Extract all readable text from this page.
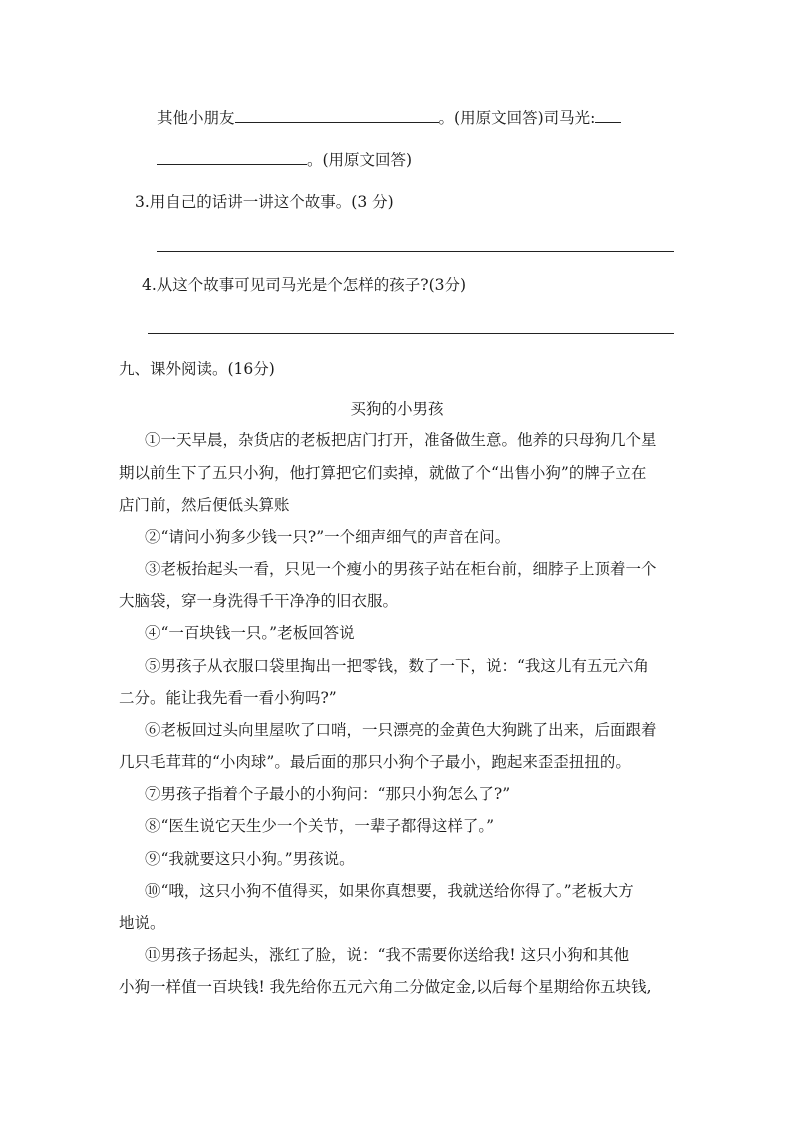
其他小朋友	。(用原文回答)司马光:
。(用原文回答)
3.用自己的话讲一讲这个故事。(3 分)
4.从这个故事可见司马光是个怎样的孩子?(3分)
九、课外阅读。(16分)
买狗的小男孩
①一天早晨，杂货店的老板把店门打开，准备做生意。他养的只母狗几个星
期以前生下了五只小狗，他打算把它们卖掉，就做了个“出售小狗”的牌子立在
店门前，然后便低头算账
②“请问小狗多少钱一只?”一个细声细气的声音在问。
③老板抬起头一看，只见一个瘦小的男孩子站在柜台前，细脖子上顶着一个
大脑袋，穿一身洗得千干净净的旧衣服。
④“一百块钱一只。”老板回答说
⑤男孩子从衣服口袋里掏出一把零钱，数了一下，说：“我这儿有五元六角
二分。能让我先看一看小狗吗?”
⑥老板回过头向里屋吹了口哨，一只漂亮的金黄色大狗跳了出来，后面跟着
几只毛茸茸的“小肉球”。最后面的那只小狗个子最小，跑起来歪歪扭扭的。
⑦男孩子指着个子最小的小狗问：“那只小狗怎么了?”
⑧“医生说它天生少一个关节，一辈子都得这样了。”
⑨“我就要这只小狗。”男孩说。
⑩“哦，这只小狗不值得买，如果你真想要，我就送给你得了。”老板大方
地说。
⑪男孩子扬起头，涨红了脸，说：“我不需要你送给我! 这只小狗和其他
小狗一样值一百块钱! 我先给你五元六角二分做定金,以后每个星期给你五块钱,
